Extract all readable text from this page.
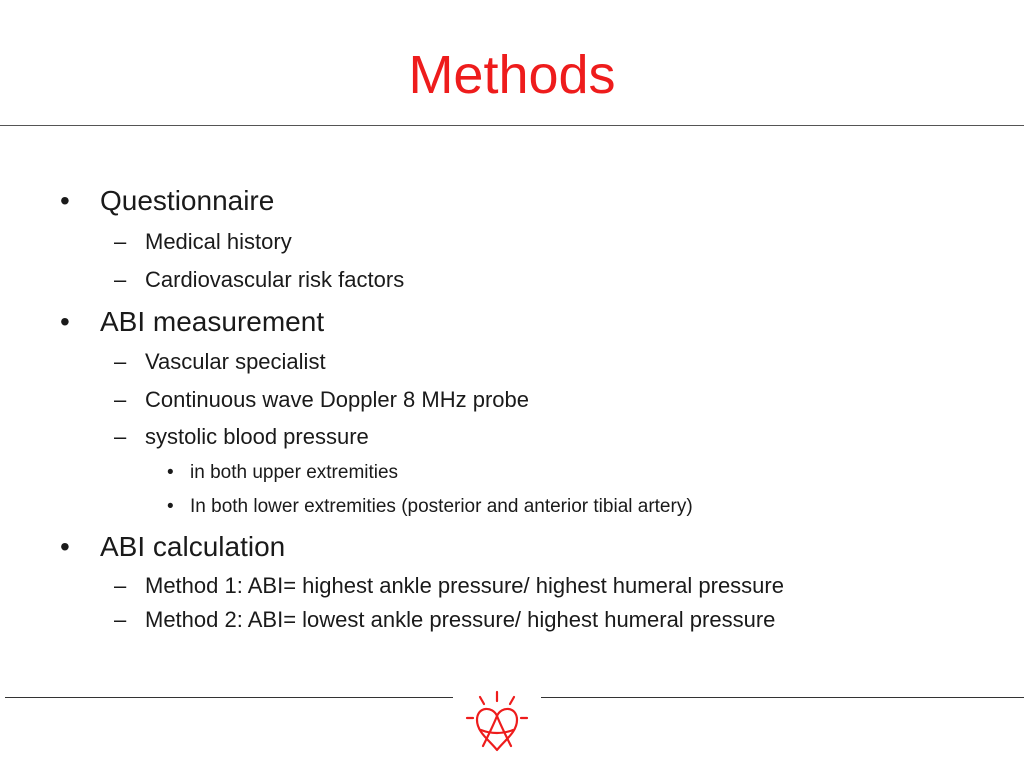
Methods
• Questionnaire
– Medical history
– Cardiovascular risk factors
• ABI measurement
– Vascular specialist
– Continuous wave Doppler 8 MHz probe
– systolic blood pressure
• in both upper extremities
• In both lower extremities (posterior and anterior tibial artery)
• ABI calculation
– Method 1: ABI= highest ankle pressure/ highest humeral pressure
– Method 2: ABI= lowest ankle pressure/ highest humeral pressure
